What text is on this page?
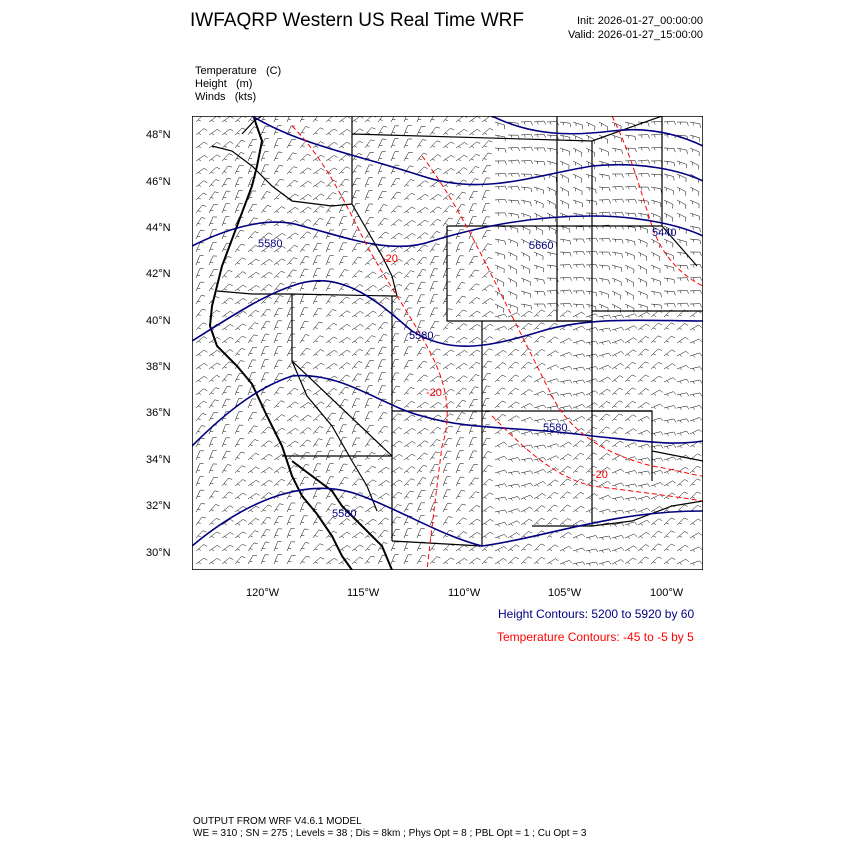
IWFAQRP Western US Real Time WRF	Init: 2026-01-27_00:00:00
Valid: 2026-01-27_15:00:00
Temperature (C)
Height (m)
Winds (kts)
48°N
46°N
44°N
42°N
40°N
38°N
36°N
34°N
32°N
30°N
120°W	115°W	110°W	105°W	100°W
5580
5440
5660
5580
5580
5580
-20
-20
-20
Height Contours: 5200 to 5920 by 60
Temperature Contours: -45 to -5 by 5
OUTPUT FROM WRF V4.6.1 MODEL
WE = 310 ; SN = 275 ; Levels = 38 ; Dis = 8km ; Phys Opt = 8 ; PBL Opt = 1 ; Cu Opt = 3
